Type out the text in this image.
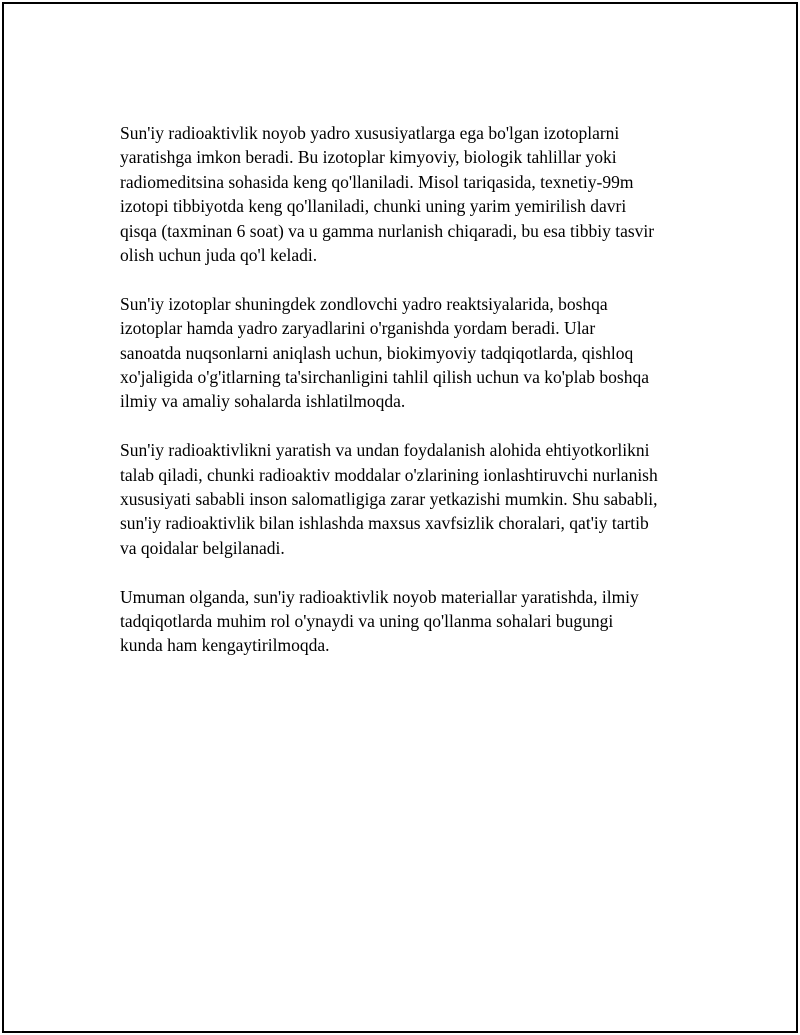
Sun'iy radioaktivlik noyob yadro xususiyatlarga ega bo'lgan izotoplarni
yaratishga imkon beradi. Bu izotoplar kimyoviy, biologik tahlillar yoki
radiomeditsina sohasida keng qo'llaniladi. Misol tariqasida, texnetiy-99m
izotopi tibbiyotda keng qo'llaniladi, chunki uning yarim yemirilish davri
qisqa (taxminan 6 soat) va u gamma nurlanish chiqaradi, bu esa tibbiy tasvir
olish uchun juda qo'l keladi.

Sun'iy izotoplar shuningdek zondlovchi yadro reaktsiyalarida, boshqa
izotoplar hamda yadro zaryadlarini o'rganishda yordam beradi. Ular
sanoatda nuqsonlarni aniqlash uchun, biokimyoviy tadqiqotlarda, qishloq
xo'jaligida o'g'itlarning ta'sirchanligini tahlil qilish uchun va ko'plab boshqa
ilmiy va amaliy sohalarda ishlatilmoqda.

Sun'iy radioaktivlikni yaratish va undan foydalanish alohida ehtiyotkorlikni
talab qiladi, chunki radioaktiv moddalar o'zlarining ionlashtiruvchi nurlanish
xususiyati sababli inson salomatligiga zarar yetkazishi mumkin. Shu sababli,
sun'iy radioaktivlik bilan ishlashda maxsus xavfsizlik choralari, qat'iy tartib
va qoidalar belgilanadi.

Umuman olganda, sun'iy radioaktivlik noyob materiallar yaratishda, ilmiy
tadqiqotlarda muhim rol o'ynaydi va uning qo'llanma sohalari bugungi
kunda ham kengaytirilmoqda.
